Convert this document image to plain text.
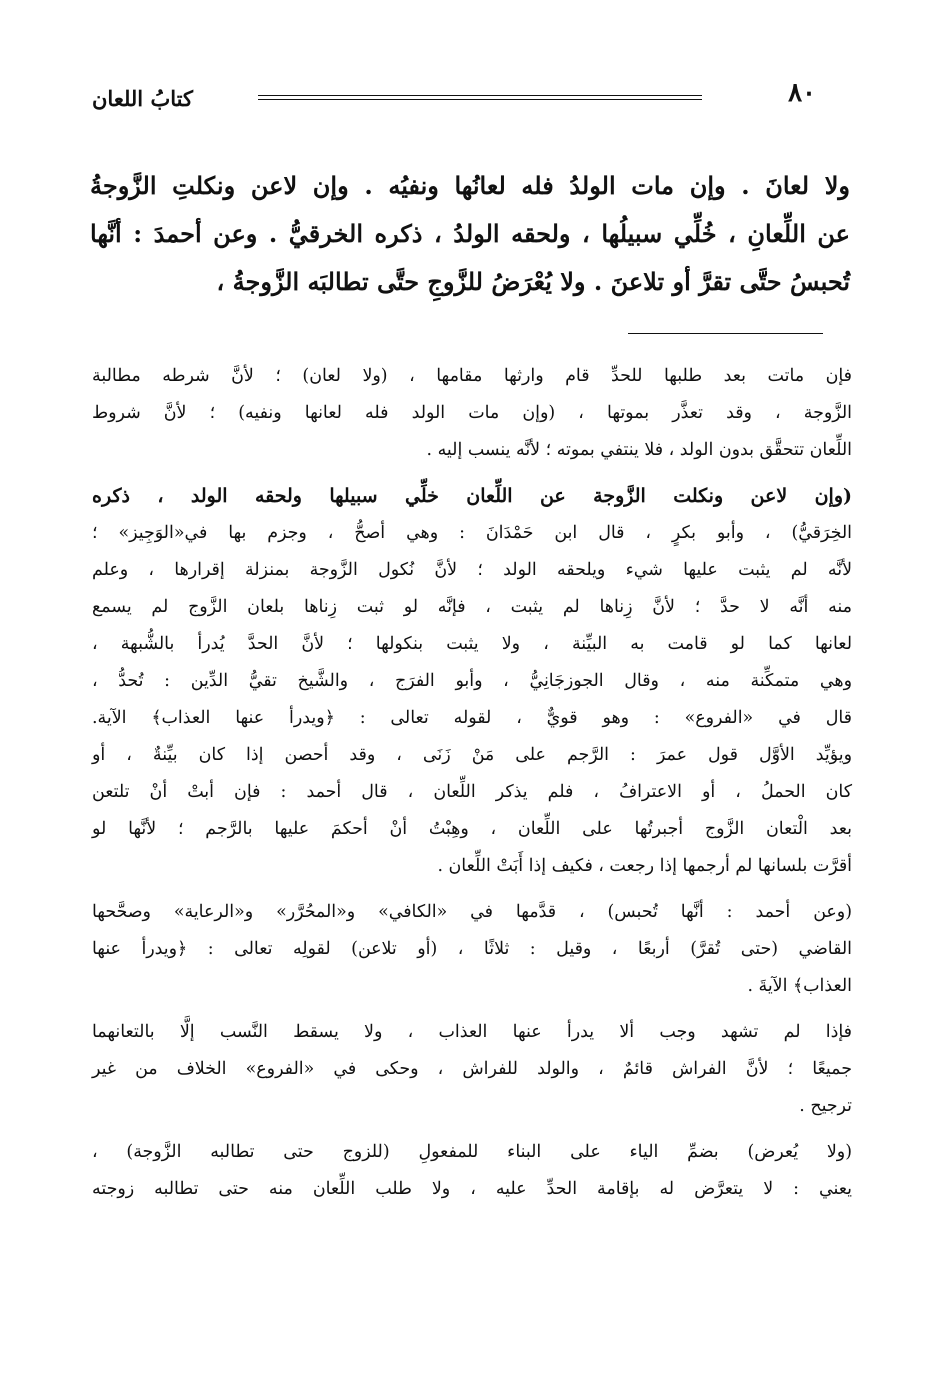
٨٠
كتابُ اللعان
ولا لعانَ . وإن مات الولدُ فله لعانُها ونفيُه . وإن لاعن ونكلتِ الزَّوجةُ
عن اللِّعانِ ، خُلِّي سبيلُها ، ولحقه الولدُ ، ذكره الخرقيُّ . وعن أحمدَ : أنَّها
تُحبسُ حتَّى تقرَّ أو تلاعنَ . ولا يُعْرَضُ للزَّوجِ حتَّى تطالبَه الزَّوجةُ ،
فإن ماتت بعد طلبها للحدِّ قام وارثها مقامها ، (ولا لعان) ؛ لأنَّ شرطه مطالبة
الزَّوجة ، وقد تعذَّر بموتها ، (وإن مات الولد فله لعانها ونفيه) ؛ لأنَّ شروط
اللِّعان تتحقَّق بدون الولد ، فلا ينتفي بموته ؛ لأنَّه ينسب إليه .
(وإن لاعن ونكلت الزَّوجة عن اللِّعان خلِّي سبيلها ولحقه الولد ، ذكره
الخِرَقيُّ) ، وأبو بكرٍ ، قال ابن حَمْدَانَ : وهي أصحُّ ، وجزم بها في«الوَجِيز» ؛
لأنَّه لم يثبت عليها شيء ويلحقه الولد ؛ لأنَّ نُكول الزَّوجة بمنزلة إقرارها ، وعلم
منه أنَّه لا حدَّ ؛ لأنَّ زِناها لم يثبت ، فإنَّه لو ثبت زِناها بلعان الزَّوج لم يسمع
لعانها كما لو قامت به البيِّنة ، ولا يثبت بنكولها ؛ لأنَّ الحدَّ يُدرأ بالشُّبهة ،
وهي متمكِّنة منه ، وقال الجوزجَانِيُّ ، وأبو الفرَج ، والشَّيخ تقيُّ الدِّين : تُحدُّ ،
قال في «الفروع» : وهو قويٌّ ، لقوله تعالى : ﴿ويدرأ عنها العذاب﴾ الآية.
ويؤيِّد الأوَّل قول عمرَ : الرَّجم على مَنْ زَنَى ، وقد أحصن إذا كان بيِّنةٌ ، أو
كان الحملُ ، أو الاعترافُ ، فلم يذكر اللِّعان ، قال أحمد : فإن أبتْ أنْ تلتعن
بعد الْتعان الزَّوج أجبرتُها على اللِّعان ، وهِبْتُ أنْ أحكمَ عليها بالرَّجم ؛ لأنَّها لو
أقرَّت بلسانها لم أرجمها إذا رجعت ، فكيف إذا أَبَتْ اللِّعان .
(وعن أحمد : أنَّها تُحبس) ، قدَّمها في «الكافي» و«المحُرَّر» و«الرعاية» وصحَّحها
القاضي (حتى تُقرَّ) أربعًا ، وقيل : ثلاثًا ، (أو تلاعن) لقولِه تعالى : ﴿ويدرأ عنها
العذاب﴾ الآيةَ .
فإذا لم تشهد وجب ألا يدرأ عنها العذاب ، ولا يسقط النَّسب إلَّا بالتعانهما
جميعًا ؛ لأنَّ الفراش قائمٌ ، والولد للفراش ، وحكى في «الفروع» الخلاف من غير
ترجيح .
(ولا يُعرض) بضمِّ الياء على البناء للمفعولِ (للزوج حتى تطالبه الزَّوجة) ،
يعني : لا يتعرَّض له بإقامة الحدِّ عليه ، ولا طلب اللِّعان منه حتى تطالبه زوجته
